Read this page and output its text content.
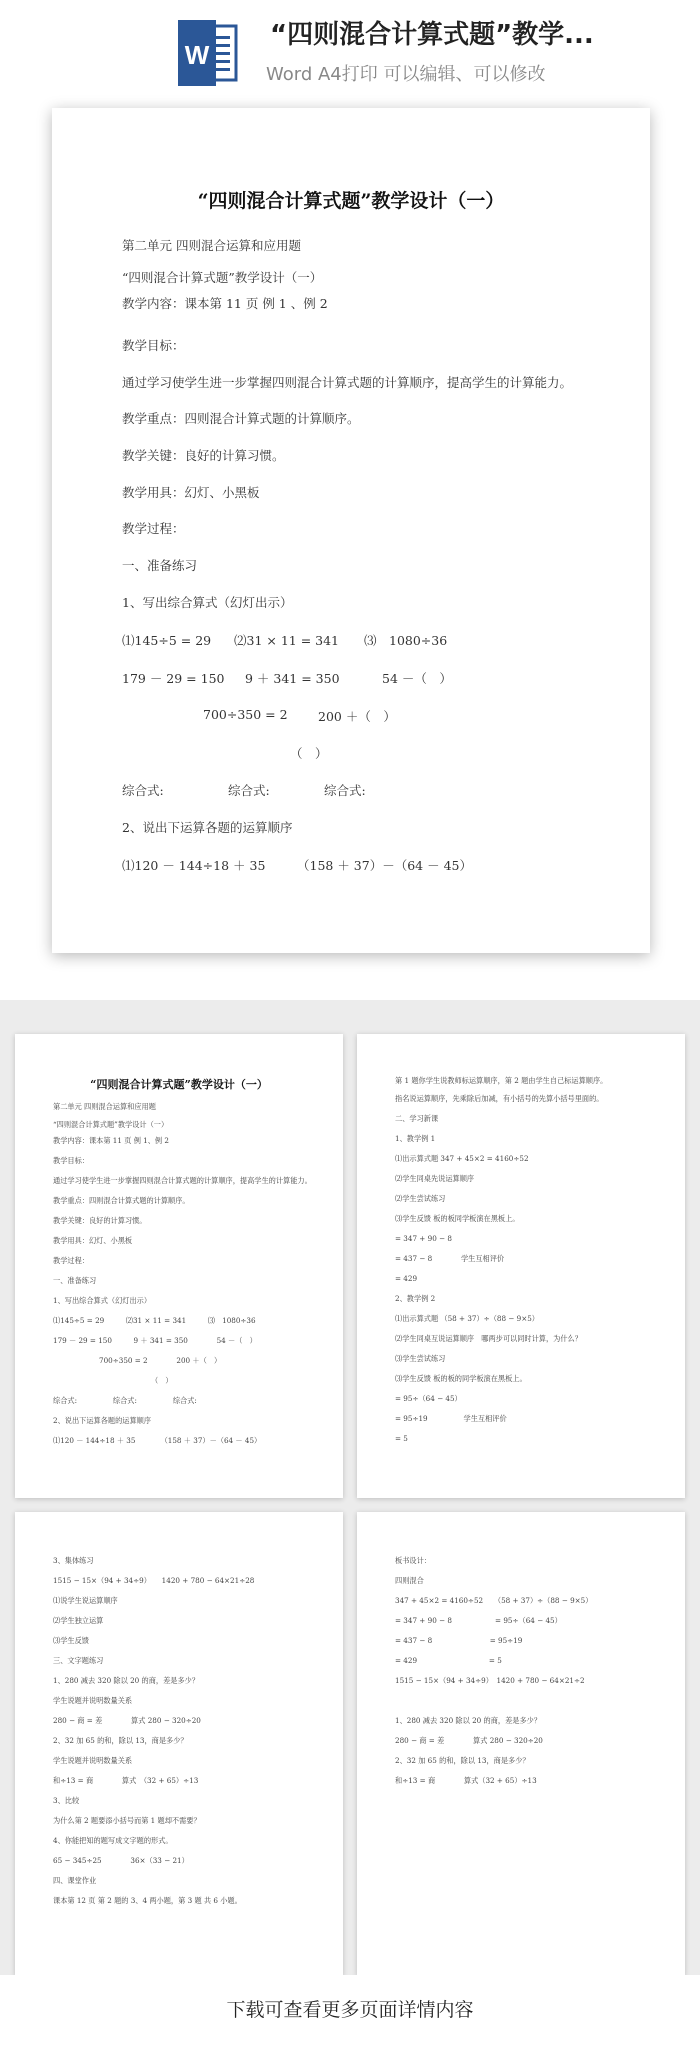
W
“四则混合计算式题”教学...
Word A4打印 可以编辑、可以修改
“四则混合计算式题”教学设计（一）
第二单元 四则混合运算和应用题
“四则混合计算式题”教学设计（一）
教学内容：课本第 11 页 例 1 、例 2
教学目标：
通过学习使学生进一步掌握四则混合计算式题的计算顺序，提高学生的计算能力。
教学重点：四则混合计算式题的计算顺序。
教学关键：良好的计算习惯。
教学用具：幻灯、小黑板
教学过程：
一、准备练习
1、写出综合算式（幻灯出示）
⑴145÷5 = 29 ⑵31 × 11 = 341 ⑶　1080÷36
179 － 29 = 150 9 ＋ 341 = 350	54 －（　）
700÷350 = 2 200 ＋（　）
（　）
综合式:	综合式:	综合式:
2、说出下运算各题的运算顺序
⑴120 － 144÷18 ＋ 35	（158 ＋ 37）－（64 － 45）
“四则混合计算式题”教学设计（一）
第二单元 四则混合运算和应用题
“四则混合计算式题”教学设计（一）
教学内容：课本第 11 页 例 1、例 2
教学目标：
通过学习使学生进一步掌握四则混合计算式题的计算顺序，提高学生的计算能力。
教学重点：四则混合计算式题的计算顺序。
教学关键：良好的计算习惯。
教学用具：幻灯、小黑板
教学过程：
一、准备练习
1、写出综合算式（幻灯出示）
⑴145÷5 = 29　　　⑵31 × 11 = 341　　　⑶　1080÷36
179 － 29 = 150　　　9 ＋ 341 = 350　　　　54 －（　）
700÷350 = 2　　　　200 ＋（　）
（　）
综合式:　　　　　综合式:　　　　　综合式:
2、说出下运算各题的运算顺序
⑴120 － 144÷18 ＋ 35　　　　（158 ＋ 37）－（64 － 45）
第 1 题你学生说教师标运算顺序，第 2 题由学生自己标运算顺序。
指名说运算顺序，先乘除后加减，有小括号的先算小括号里面的。
二、学习新课
1、教学例 1
⑴出示算式题 347 + 45×2 = 4160÷52
⑵学生同桌先说运算顺序
⑵学生尝试练习
⑶学生反馈 板的板同学板演在黑板上。
= 347 + 90 − 8
= 437 − 8　　　　学生互相评价
= 429
2、教学例 2
⑴出示算式题 （58 + 37）÷（88 − 9×5）
⑵学生同桌互说运算顺序　哪两步可以同时计算，为什么？
⑶学生尝试练习
⑶学生反馈 板的板的同学板演在黑板上。
= 95÷（64 − 45）
= 95÷19　　　　　学生互相评价
= 5
3、集体练习
1515 − 15×（94 + 34÷9）　　1420 + 780 − 64×21÷28
⑴说学生说运算顺序
⑵学生独立运算
⑶学生反馈
三、文字题练习
1、280 减去 320 除以 20 的商，差是多少？
学生说题并说明数量关系
280 − 商 = 差　　　　算式 280 − 320÷20
2、32 加 65 的和，除以 13，商是多少？
学生说题并说明数量关系
和÷13 = 商　　　　算式　（32 + 65）÷13
3、比较
为什么第 2 题要添小括号而第 1 题却不需要？
4、你能把知的题写成文字题的形式。
65 − 345÷25　　　　36×（33 − 21）
四、课堂作业
课本第 12 页 第 2 题的 3、4 两小题，第 3 题 共 6 小题。
板书设计：
四则混合
347 + 45×2 = 4160÷52　　（58 + 37）÷（88 − 9×5）
= 347 + 90 − 8　　　　　　= 95÷（64 − 45）
= 437 − 8　　　　　　　　= 95÷19
= 429　　　　　　　　　　= 5
1515 − 15×（94 + 34÷9）　1420 + 780 − 64×21÷2
1、280 减去 320 除以 20 的商，差是多少？
280 − 商 = 差　　　　算式 280 − 320÷20
2、32 加 65 的和，除以 13，商是多少？
和÷13 = 商　　　　算式（32 + 65）÷13
下载可查看更多页面详情内容
